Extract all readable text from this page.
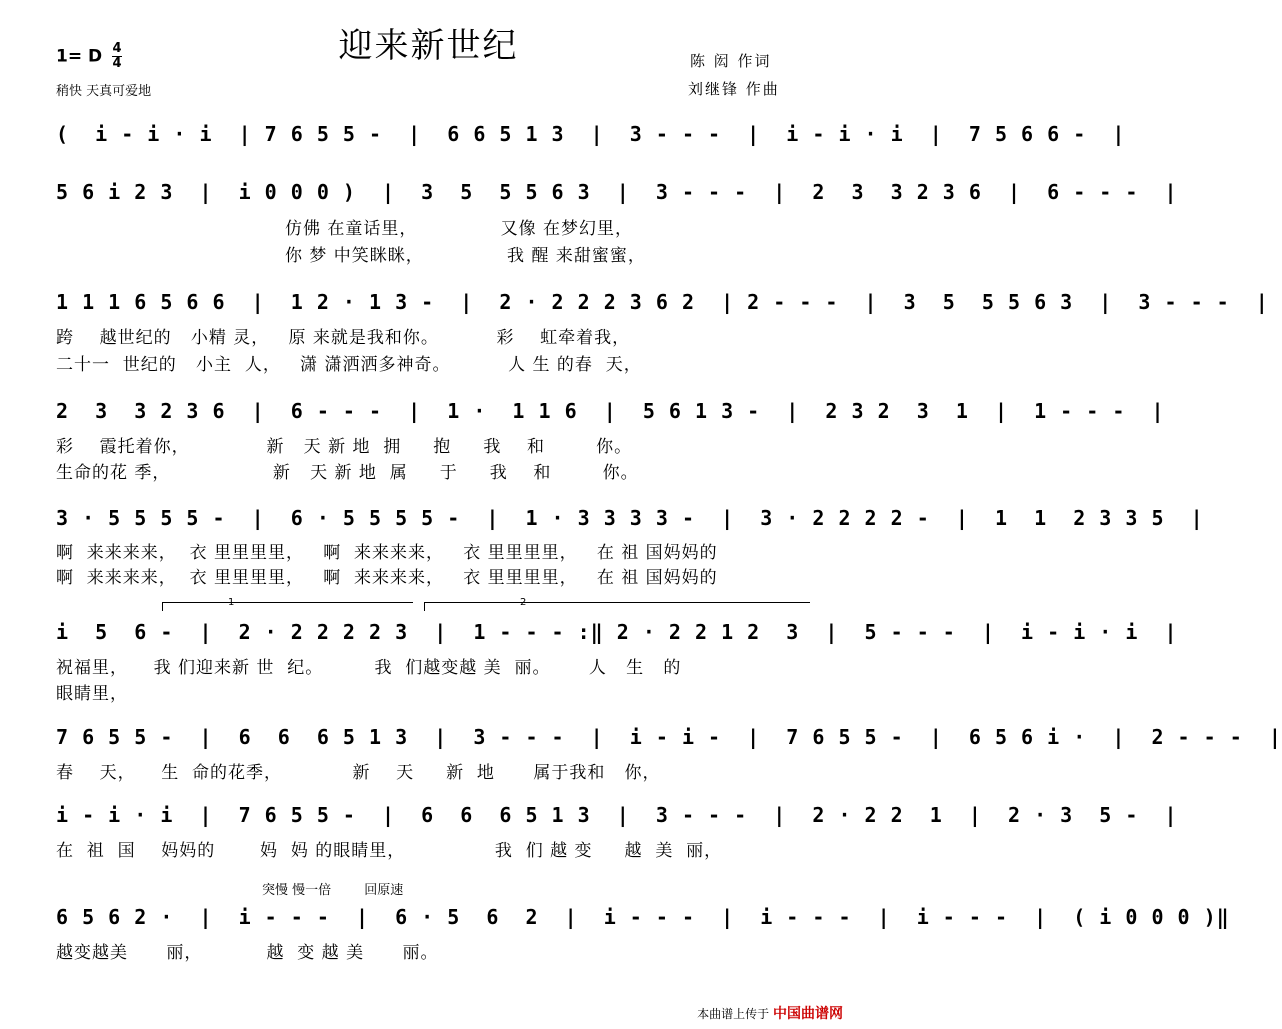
迎来新世纪
1= D $\frac{4}{4}$
稍快 天真可爱地
陈 闳 作词
刘继锋 作曲
(  i - i · i  | 7 6 5 5 -  |  6 6 5 1 3  |  3 - - -  |  i - i · i  |  7 5 6 6 -  |
5 6 i 2 3  |  i 0 0 0 )  |  3  5  5 5 6 3  |  3 - - -  |  2  3  3 2 3 6  |  6 - - -  |
仿佛 在童话里，             又像 在梦幻里，
你 梦 中笑眯眯，             我 醒 来甜蜜蜜，
1 1 1 6 5 6 6  |  1 2 · 1 3 -  |  2 · 2 2 2 3 6 2  | 2 - - -  |  3  5  5 5 6 3  |  3 - - -  |
跨    越世纪的   小精 灵，   原 来就是我和你。         彩    虹牵着我，
二十一  世纪的   小主  人，   潇 潇洒洒多神奇。         人 生 的春  天，
2  3  3 2 3 6  |  6 - - -  |  1 ·  1 1 6  |  5 6 1 3 -  |  2 3 2  3  1  |  1 - - -  |
彩    霞托着你，            新   天 新 地  拥     抱     我    和        你。
生命的花 季，                新   天 新 地  属     于     我    和        你。
3 · 5 5 5 5 -  |  6 · 5 5 5 5 -  |  1 · 3 3 3 3 -  |  3 · 2 2 2 2 -  |  1  1  2 3 3 5  |
啊  来来来来，  衣 里里里里，   啊  来来来来，   衣 里里里里，   在 祖 国妈妈的
啊  来来来来，  衣 里里里里，   啊  来来来来，   衣 里里里里，   在 祖 国妈妈的
1	2
i  5  6 -  |  2 · 2 2 2 2 3  |  1 - - - :‖ 2 · 2 2 1 2  3  |  5 - - -  |  i - i · i  |
祝福里，    我 们迎来新 世  纪。        我  们越变越 美  丽。      人   生   的
眼睛里，
7 6 5 5 -  |  6  6  6 5 1 3  |  3 - - -  |  i - i -  |  7 6 5 5 -  |  6 5 6 i ·  |  2 - - -  |
春    天，    生  命的花季，           新    天     新  地      属于我和   你，
i - i · i  |  7 6 5 5 -  |  6  6  6 5 1 3  |  3 - - -  |  2 · 2 2  1  |  2 · 3  5 -  |
在  祖  国    妈妈的       妈  妈 的眼睛里，              我  们 越 变     越  美  丽，
突慢 慢一倍        回原速
6 5 6 2 ·  |  i - - -  |  6 · 5  6  2  |  i - - -  |  i - - -  |  i - - -  |  ( i 0 0 0 )‖
越变越美      丽，          越  变 越 美      丽。
本曲谱上传于 中国曲谱网
